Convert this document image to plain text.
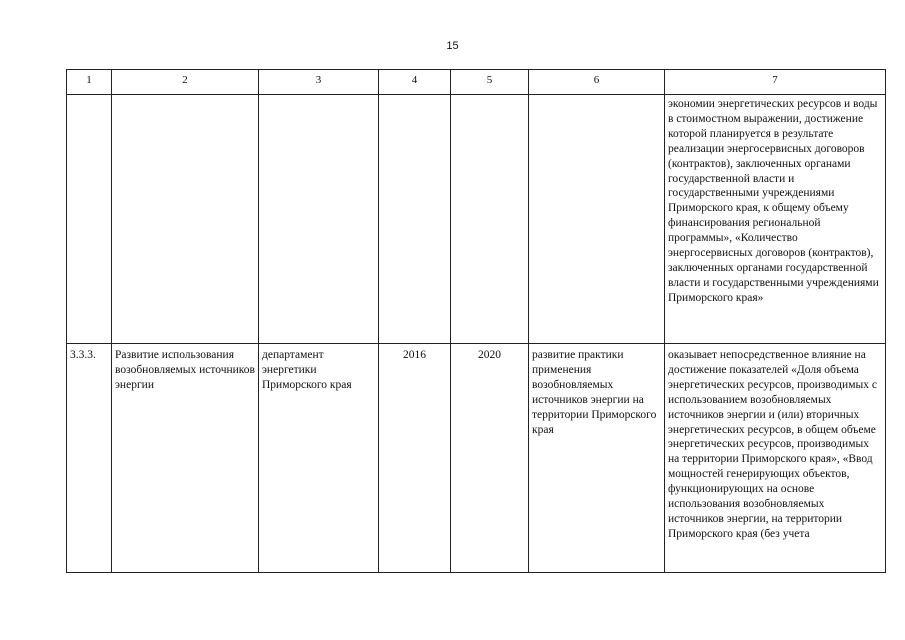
15
1	2	3	4	5	6	7

						экономии энергетических ресурсов и воды в стоимостном выражении, достижение которой планируется в результате реализации энергосервисных договоров (контрактов), заключенных органами государственной власти и государственными учреждениями Приморского края, к общему объему финансирования региональной программы», «Количество энергосервисных договоров (контрактов), заключенных органами государственной власти и государственными учреждениями Приморского края»

3.3.3.	Развитие использования возобновляемых источников энергии	департамент энергетики Приморского края	2016	2020	развитие практики применения возобновляемых источников энергии на территории Приморского края	оказывает непосредственное влияние на достижение показателей «Доля объема энергетических ресурсов, производимых с использованием возобновляемых источников энергии и (или) вторичных энергетических ресурсов, в общем объеме энергетических ресурсов, производимых на территории Приморского края», «Ввод мощностей генерирующих объектов, функционирующих на основе использования возобновляемых источников энергии, на территории Приморского края (без учета
